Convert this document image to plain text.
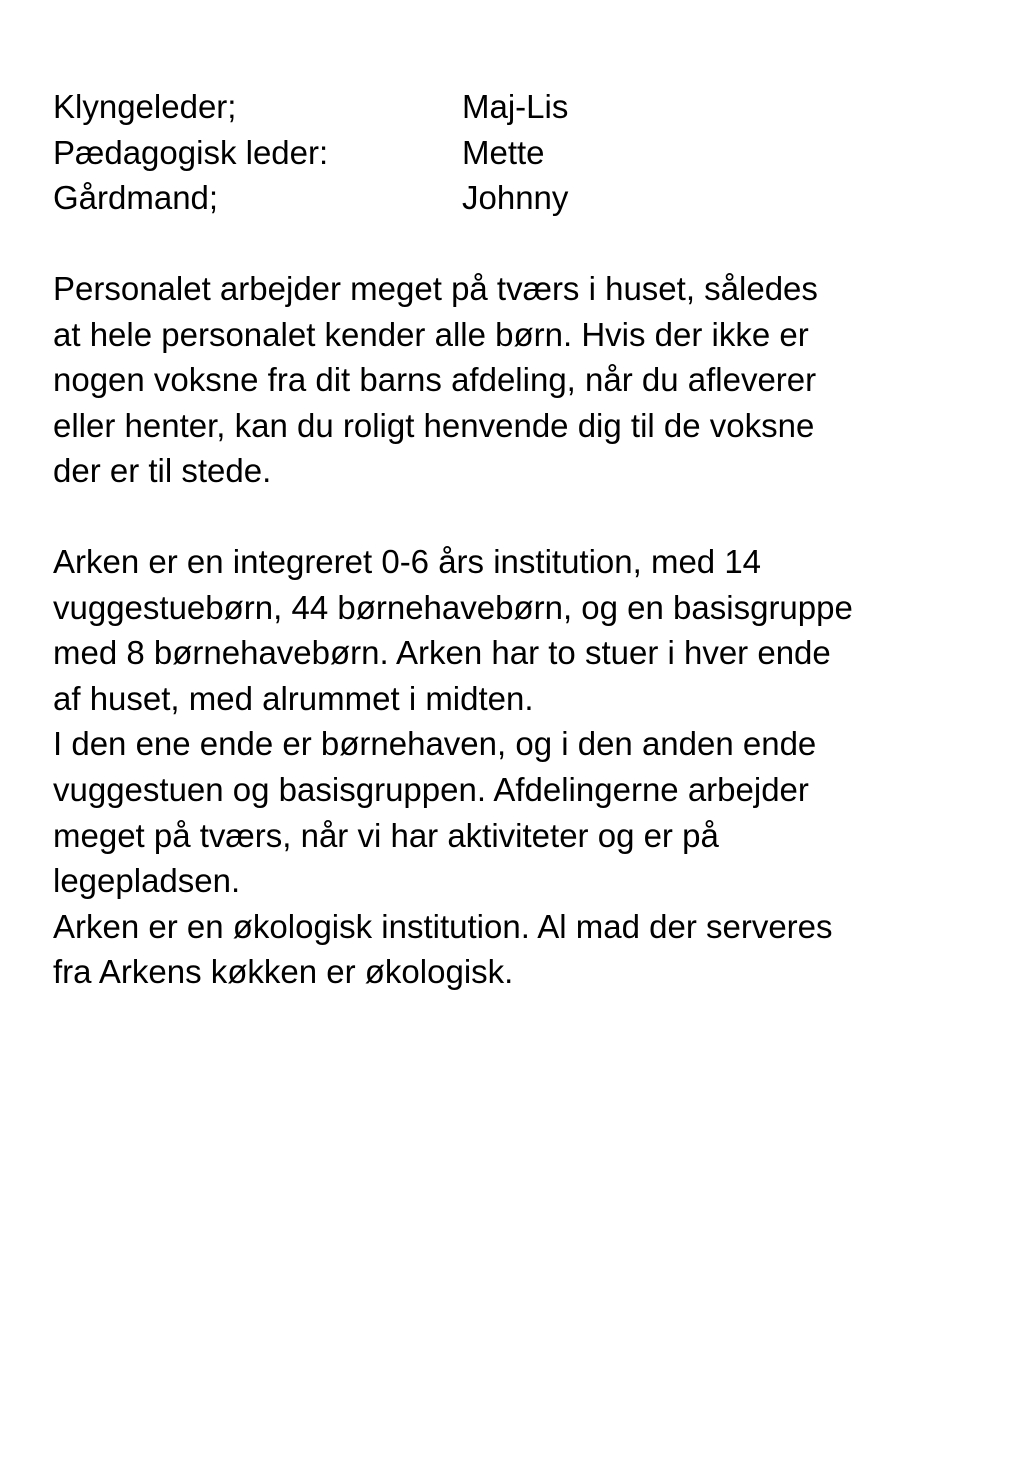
Klyngeleder;	Maj-Lis
Pædagogisk leder:	Mette
Gårdmand;	Johnny
Personalet arbejder meget på tværs i huset, således
at hele personalet kender alle børn. Hvis der ikke er
nogen voksne fra dit barns afdeling, når du afleverer
eller henter, kan du roligt henvende dig til de voksne
der er til stede.
Arken er en integreret 0-6 års institution, med 14
vuggestuebørn, 44 børnehavebørn, og en basisgruppe
med 8 børnehavebørn. Arken har to stuer i hver ende
af huset, med alrummet i midten.
I den ene ende er børnehaven, og i den anden ende
vuggestuen og basisgruppen. Afdelingerne arbejder
meget på tværs, når vi har aktiviteter og er på
legepladsen.
Arken er en økologisk institution. Al mad der serveres
fra Arkens køkken er økologisk.
